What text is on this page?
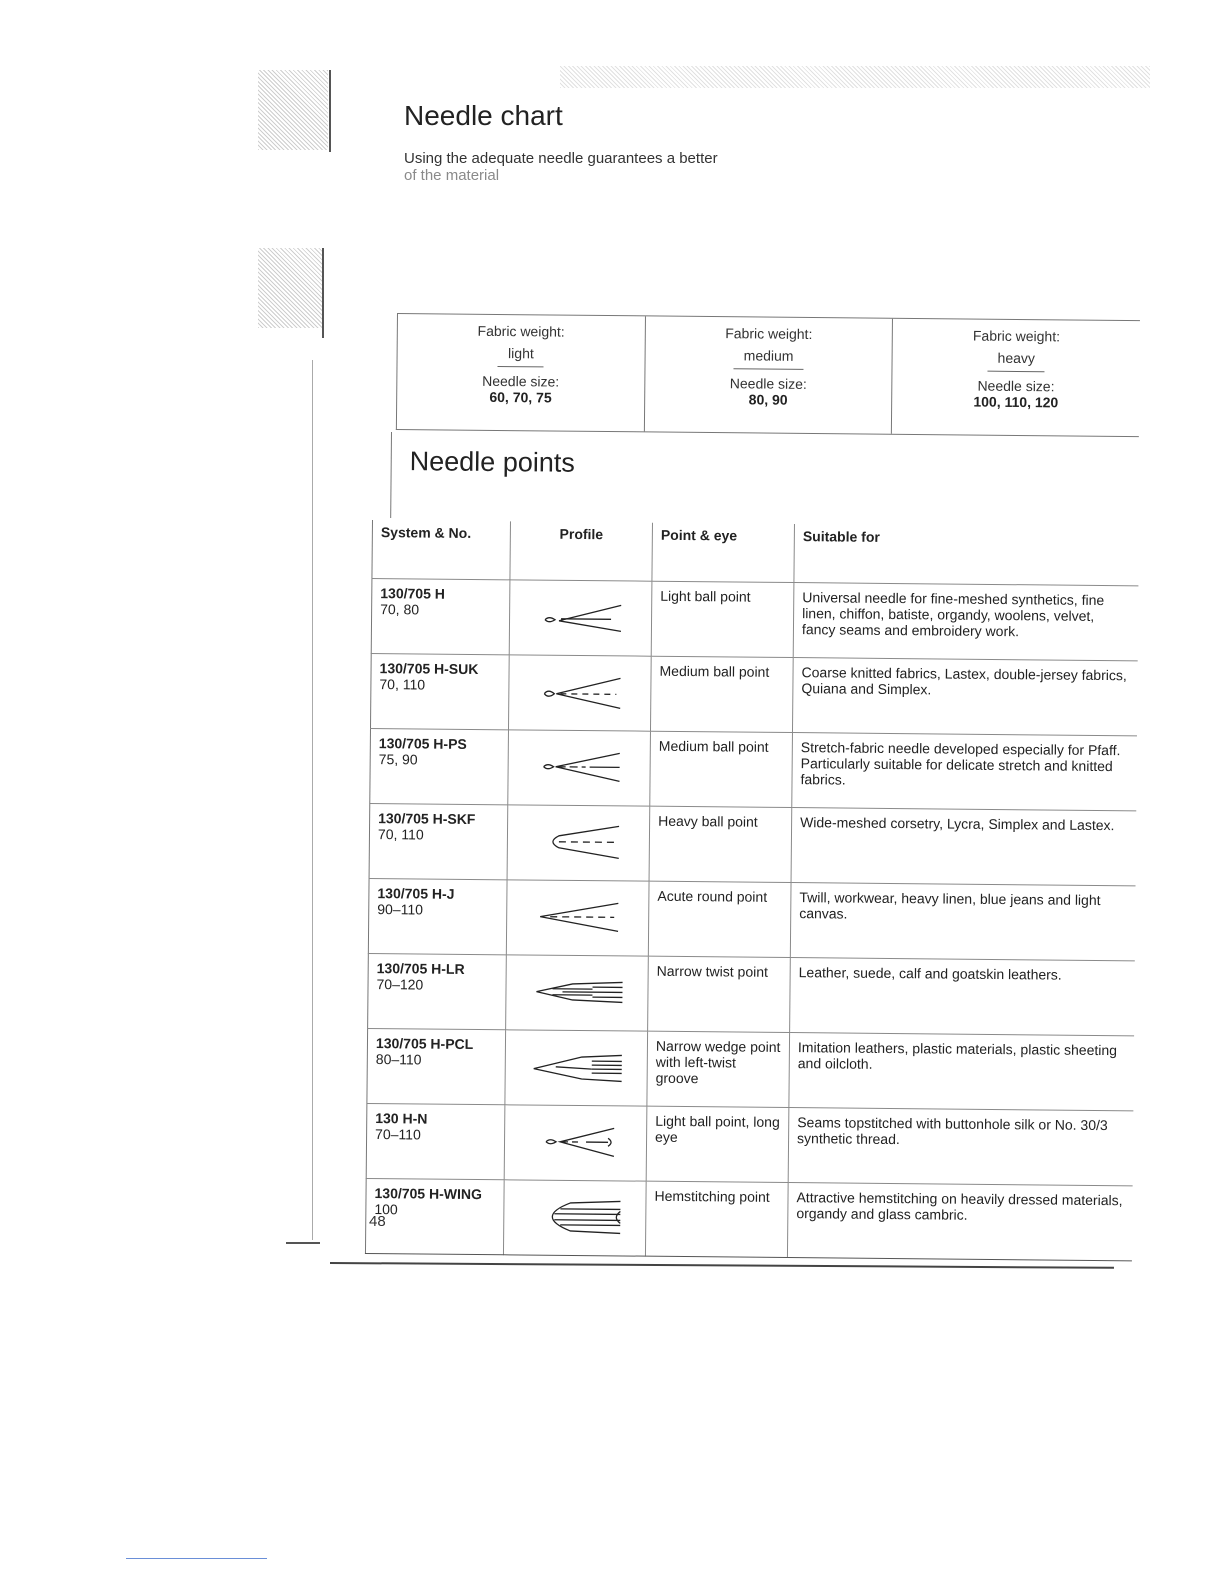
Needle chart
Using the adequate needle guarantees a better
of the material
Fabric weight:
light
Needle size:
60, 70, 75
Fabric weight:
medium
Needle size:
80, 90
Fabric weight:
heavy
Needle size:
100, 110, 120
Needle points
System & No.	Profile	Point & eye	Suitable for

130/705 H
70, 80		Light ball point	Universal needle for fine-meshed synthetics, fine linen, chiffon, batiste, organdy, woolens, velvet, fancy seams and embroidery work.

130/705 H-SUK
70, 110		Medium ball point	Coarse knitted fabrics, Lastex, double-jersey fabrics, Quiana and Simplex.

130/705 H-PS
75, 90		Medium ball point	Stretch-fabric needle developed especially for Pfaff. Particularly suitable for delicate stretch and knitted fabrics.

130/705 H-SKF
70, 110		Heavy ball point	Wide-meshed corsetry, Lycra, Simplex and Lastex.

130/705 H-J
90–110		Acute round point	Twill, workwear, heavy linen, blue jeans and light canvas.

130/705 H-LR
70–120		Narrow twist point	Leather, suede, calf and goatskin leathers.

130/705 H-PCL
80–110		Narrow wedge point with left-twist groove	Imitation leathers, plastic materials, plastic sheeting and oilcloth.

130 H-N
70–110		Light ball point, long eye	Seams topstitched with buttonhole silk or No. 30/3 synthetic thread.

130/705 H-WING
100		Hemstitching point	Attractive hemstitching on heavily dressed materials, organdy and glass cambric.
48
